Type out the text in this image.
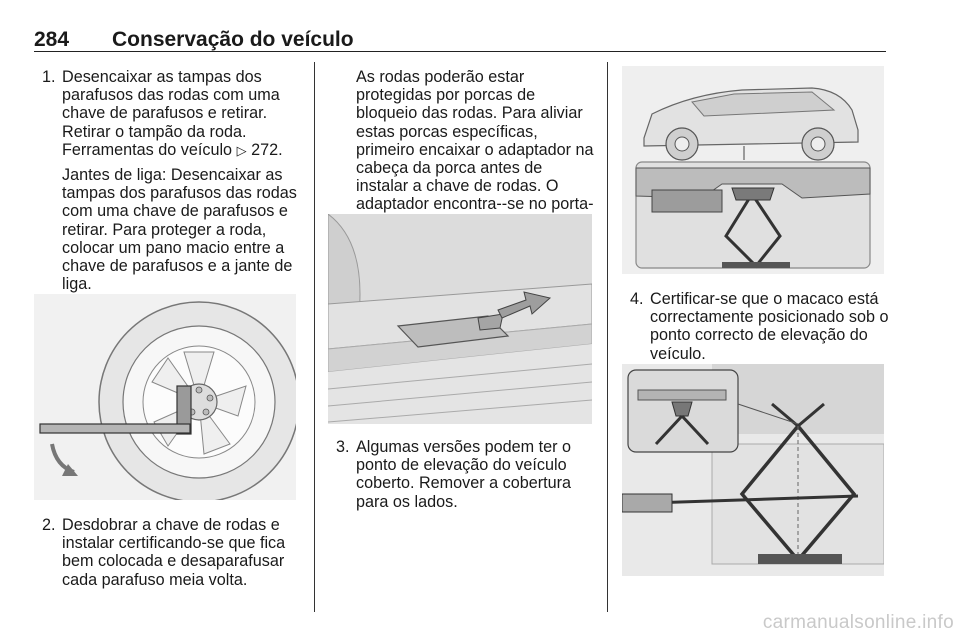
284 Conservação do veículo

1. Desencaixar as tampas dos parafusos das rodas com uma chave de parafusos e retirar. Retirar o tampão da roda. Ferramentas do veículo ▷ 272.

Jantes de liga: Desencaixar as tampas dos parafusos das rodas com uma chave de parafusos e retirar. Para proteger a roda, colocar um pano macio entre a chave de parafusos e a jante de liga.

2. Desdobrar a chave de rodas e instalar certificando-se que fica bem colocada e desaparafusar cada parafuso meia volta.

As rodas poderão estar protegidas por porcas de bloqueio das rodas. Para aliviar estas porcas específicas, primeiro encaixar o adaptador na cabeça da porca antes de instalar a chave de rodas. O adaptador encontra--se no porta-

3. Algumas versões podem ter o ponto de elevação do veículo coberto. Remover a cobertura para os lados.

4. Certificar-se que o macaco está correctamente posicionado sob o ponto correcto de elevação do veículo.

carmanualsonline.info
